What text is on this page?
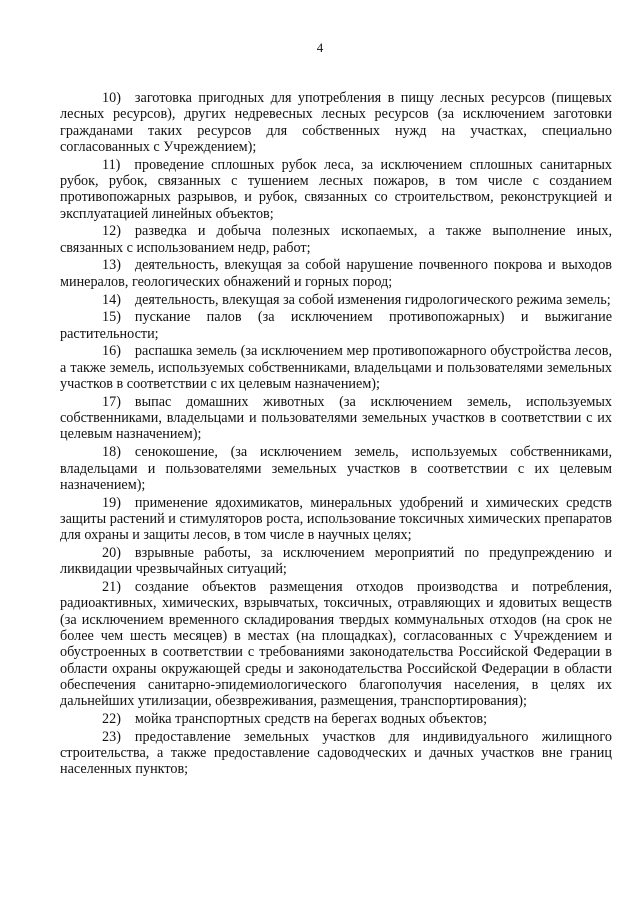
4

10) заготовка пригодных для употребления в пищу лесных ресурсов (пищевых лесных ресурсов), других недревесных лесных ресурсов (за исключением заготовки гражданами таких ресурсов для собственных нужд на участках, специально согласованных с Учреждением);

11) проведение сплошных рубок леса, за исключением сплошных санитарных рубок, рубок, связанных с тушением лесных пожаров, в том числе с созданием противопожарных разрывов, и рубок, связанных со строительством, реконструкцией и эксплуатацией линейных объектов;

12) разведка и добыча полезных ископаемых, а также выполнение иных, связанных с использованием недр, работ;

13) деятельность, влекущая за собой нарушение почвенного покрова и выходов минералов, геологических обнажений и горных пород;

14) деятельность, влекущая за собой изменения гидрологического режима земель;

15) пускание палов (за исключением противопожарных) и выжигание растительности;

16) распашка земель (за исключением мер противопожарного обустройства лесов, а также земель, используемых собственниками, владельцами и пользователями земельных участков в соответствии с их целевым назначением);

17) выпас домашних животных (за исключением земель, используемых собственниками, владельцами и пользователями земельных участков в соответствии с их целевым назначением);

18) сенокошение, (за исключением земель, используемых собственниками, владельцами и пользователями земельных участков в соответствии с их целевым назначением);

19) применение ядохимикатов, минеральных удобрений и химических средств защиты растений и стимуляторов роста, использование токсичных химических препаратов для охраны и защиты лесов, в том числе в научных целях;

20) взрывные работы, за исключением мероприятий по предупреждению и ликвидации чрезвычайных ситуаций;

21) создание объектов размещения отходов производства и потребления, радиоактивных, химических, взрывчатых, токсичных, отравляющих и ядовитых веществ (за исключением временного складирования твердых коммунальных отходов (на срок не более чем шесть месяцев) в местах (на площадках), согласованных с Учреждением и обустроенных в соответствии с требованиями законодательства Российской Федерации в области охраны окружающей среды и законодательства Российской Федерации в области обеспечения санитарно-эпидемиологического благополучия населения, в целях их дальнейших утилизации, обезвреживания, размещения, транспортирования);

22) мойка транспортных средств на берегах водных объектов;

23) предоставление земельных участков для индивидуального жилищного строительства, а также предоставление садоводческих и дачных участков вне границ населенных пунктов;
